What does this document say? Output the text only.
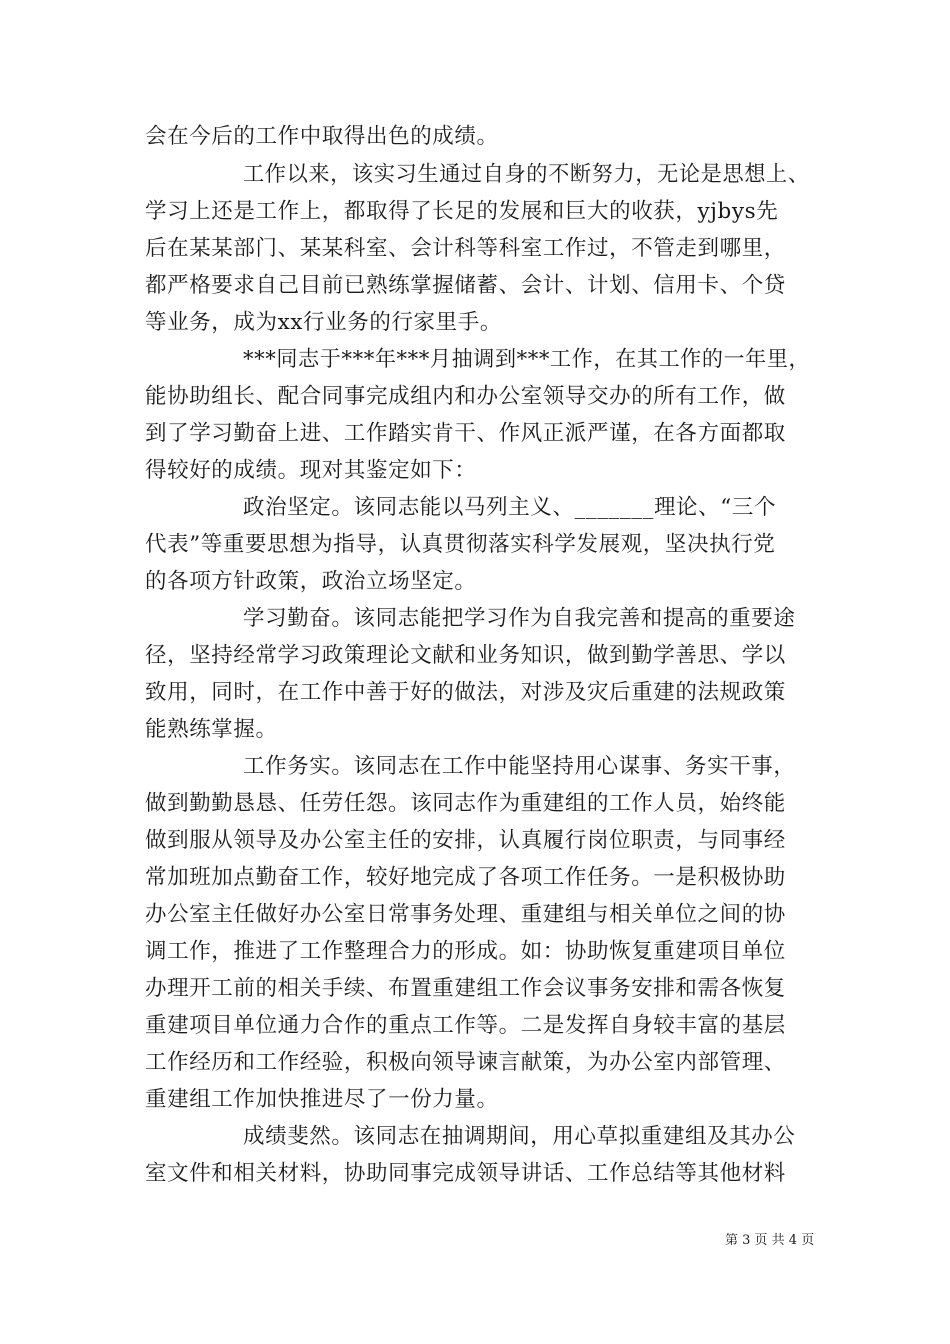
会在今后的工作中取得出色的成绩。
工作以来，该实习生通过自身的不断努力，无论是思想上、
学习上还是工作上，都取得了长足的发展和巨大的收获，yjbys先
后在某某部门、某某科室、会计科等科室工作过，不管走到哪里，
都严格要求自己目前已熟练掌握储蓄、会计、计划、信用卡、个贷
等业务，成为xx行业务的行家里手。
***同志于***年***月抽调到***工作，在其工作的一年里，
能协助组长、配合同事完成组内和办公室领导交办的所有工作，做
到了学习勤奋上进、工作踏实肯干、作风正派严谨，在各方面都取
得较好的成绩。现对其鉴定如下：
政治坚定。该同志能以马列主义、_______理论、“三个
代表”等重要思想为指导，认真贯彻落实科学发展观，坚决执行党
的各项方针政策，政治立场坚定。
学习勤奋。该同志能把学习作为自我完善和提高的重要途
径，坚持经常学习政策理论文献和业务知识，做到勤学善思、学以
致用，同时，在工作中善于好的做法，对涉及灾后重建的法规政策
能熟练掌握。
工作务实。该同志在工作中能坚持用心谋事、务实干事，
做到勤勤恳恳、任劳任怨。该同志作为重建组的工作人员，始终能
做到服从领导及办公室主任的安排，认真履行岗位职责，与同事经
常加班加点勤奋工作，较好地完成了各项工作任务。一是积极协助
办公室主任做好办公室日常事务处理、重建组与相关单位之间的协
调工作，推进了工作整理合力的形成。如：协助恢复重建项目单位
办理开工前的相关手续、布置重建组工作会议事务安排和需各恢复
重建项目单位通力合作的重点工作等。二是发挥自身较丰富的基层
工作经历和工作经验，积极向领导谏言献策，为办公室内部管理、
重建组工作加快推进尽了一份力量。
成绩斐然。该同志在抽调期间，用心草拟重建组及其办公
室文件和相关材料，协助同事完成领导讲话、工作总结等其他材料
第 3 页 共 4 页
